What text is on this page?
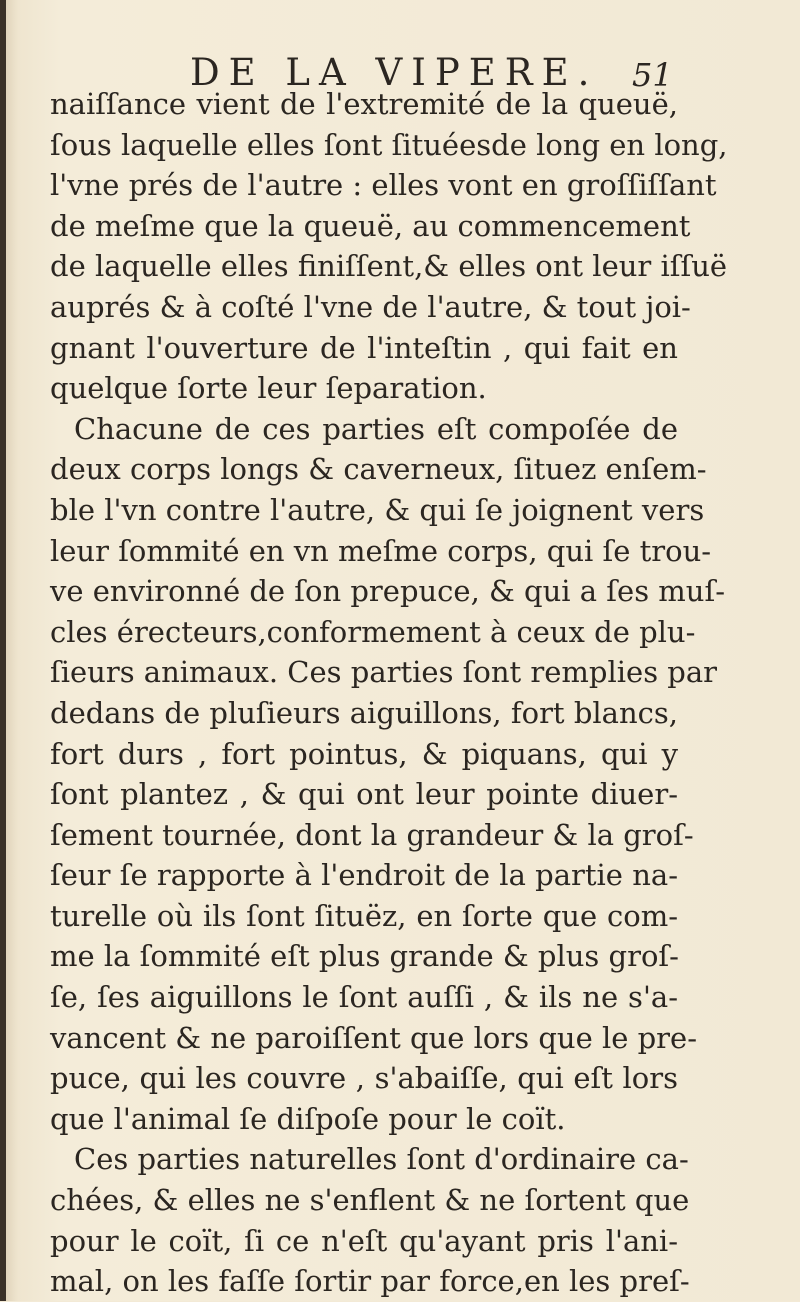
DE LA VIPERE. 51
naiſſance vient de l'extremité de la queuë,
ſous laquelle elles ſont ſituéesde long en long,
l'vne prés de l'autre : elles vont en groſſiſſant
de meſme que la queuë, au commencement
de laquelle elles finiſſent,& elles ont leur iſſuë
auprés & à coſté l'vne de l'autre, & tout joi-
gnant l'ouverture de l'inteſtin , qui fait en
quelque ſorte leur ſeparation.
Chacune de ces parties eſt compoſée de
deux corps longs & caverneux, ſituez enſem-
ble l'vn contre l'autre, & qui ſe joignent vers
leur ſommité en vn meſme corps, qui ſe trou-
ve environné de ſon prepuce, & qui a ſes muſ-
cles érecteurs,conformement à ceux de plu-
ſieurs animaux. Ces parties ſont remplies par
dedans de pluſieurs aiguillons, fort blancs,
fort durs , fort pointus, & piquans, qui y
ſont plantez , & qui ont leur pointe diuer-
ſement tournée, dont la grandeur & la groſ-
ſeur ſe rapporte à l'endroit de la partie na-
turelle où ils ſont ſituëz, en ſorte que com-
me la ſommité eſt plus grande & plus groſ-
ſe, ſes aiguillons le ſont auſſi , & ils ne s'a-
vancent & ne paroiſſent que lors que le pre-
puce, qui les couvre , s'abaiſſe, qui eſt lors
que l'animal ſe diſpoſe pour le coït.
Ces parties naturelles ſont d'ordinaire ca-
chées, & elles ne s'enflent & ne ſortent que
pour le coït, ſi ce n'eſt qu'ayant pris l'ani-
mal, on les faſſe ſortir par force,en les preſ-
